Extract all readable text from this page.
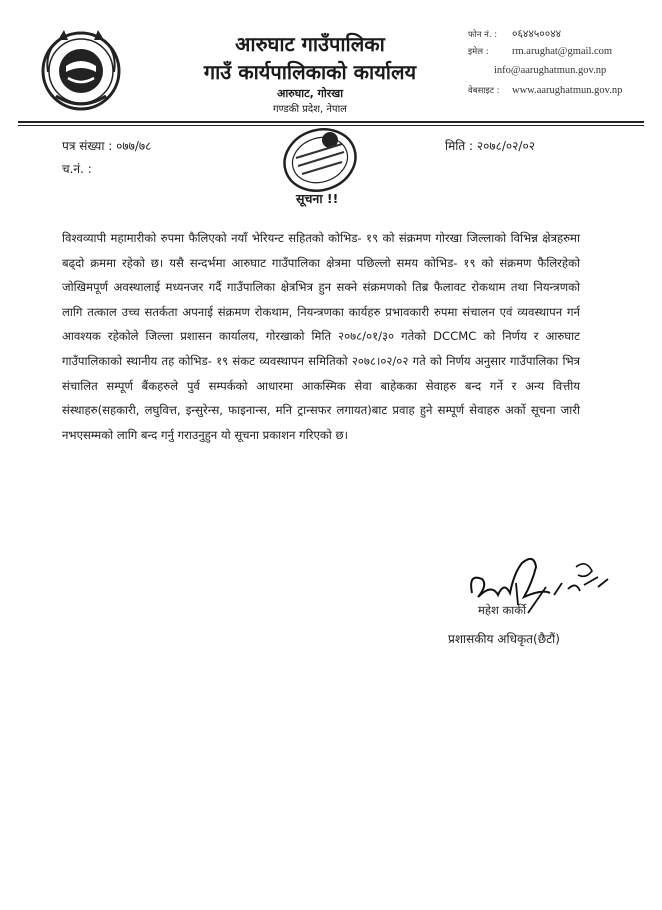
आरुघाट गाउँपालिका
गाउँ कार्यपालिकाको कार्यालय
आरुघाट, गोरखा
गण्डकी प्रदेश, नेपाल
फोन नं. : ०६४४५००४४
इमेल : rm.arughat@gmail.com
info@aarughatmun.gov.np
वेबसाइट : www.aarughatmun.gov.np
पत्र संख्या : ०७७/७८
च.नं. :
मिति : २०७८/०२/०२
सूचना !!
विश्वव्यापी महामारीको रुपमा फैलिएको नयाँ भेरियन्ट सहितको कोभिड- १९ को संक्रमण गोरखा जिल्लाको विभिन्न क्षेत्रहरुमा बढ्दो क्रममा रहेको छ। यसै सन्दर्भमा आरुघाट गाउँपालिका क्षेत्रमा पछिल्लो समय कोभिड- १९ को संक्रमण फैलिरहेको जोखिमपूर्ण अवस्थालाई मध्यनजर गर्दै गाउँपालिका क्षेत्रभित्र हुन सक्ने संक्रमणको तिब्र फैलावट रोकथाम तथा नियन्त्रणको लागि तत्काल उच्च सतर्कता अपनाई संक्रमण रोकथाम, नियन्त्रणका कार्यहरु प्रभावकारी रुपमा संचालन एवं व्यवस्थापन गर्न आवश्यक रहेकोले जिल्ला प्रशासन कार्यालय, गोरखाको मिति २०७८/०१/३० गतेको DCCMC को निर्णय र आरुघाट गाउँपालिकाको स्थानीय तह कोभिड- १९ संकट व्यवस्थापन समितिको २०७८।०२/०२ गते को निर्णय अनुसार गाउँपालिका भित्र संचालित सम्पूर्ण बैंकहरुले पुर्व सम्पर्कको आधारमा आकस्मिक सेवा बाहेकका सेवाहरु बन्द गर्ने र अन्य वित्तीय संस्थाहरु(सहकारी, लघुवित्त, इन्सुरेन्स, फाइनान्स, मनि ट्रान्सफर लगायत)बाट प्रवाह हुने सम्पूर्ण सेवाहरु अर्को सूचना जारी नभएसम्मको लागि बन्द गर्नु गराउनुहुन यो सूचना प्रकाशन गरिएको छ।
महेश कार्की
प्रशासकीय अधिकृत(छैटौं)
